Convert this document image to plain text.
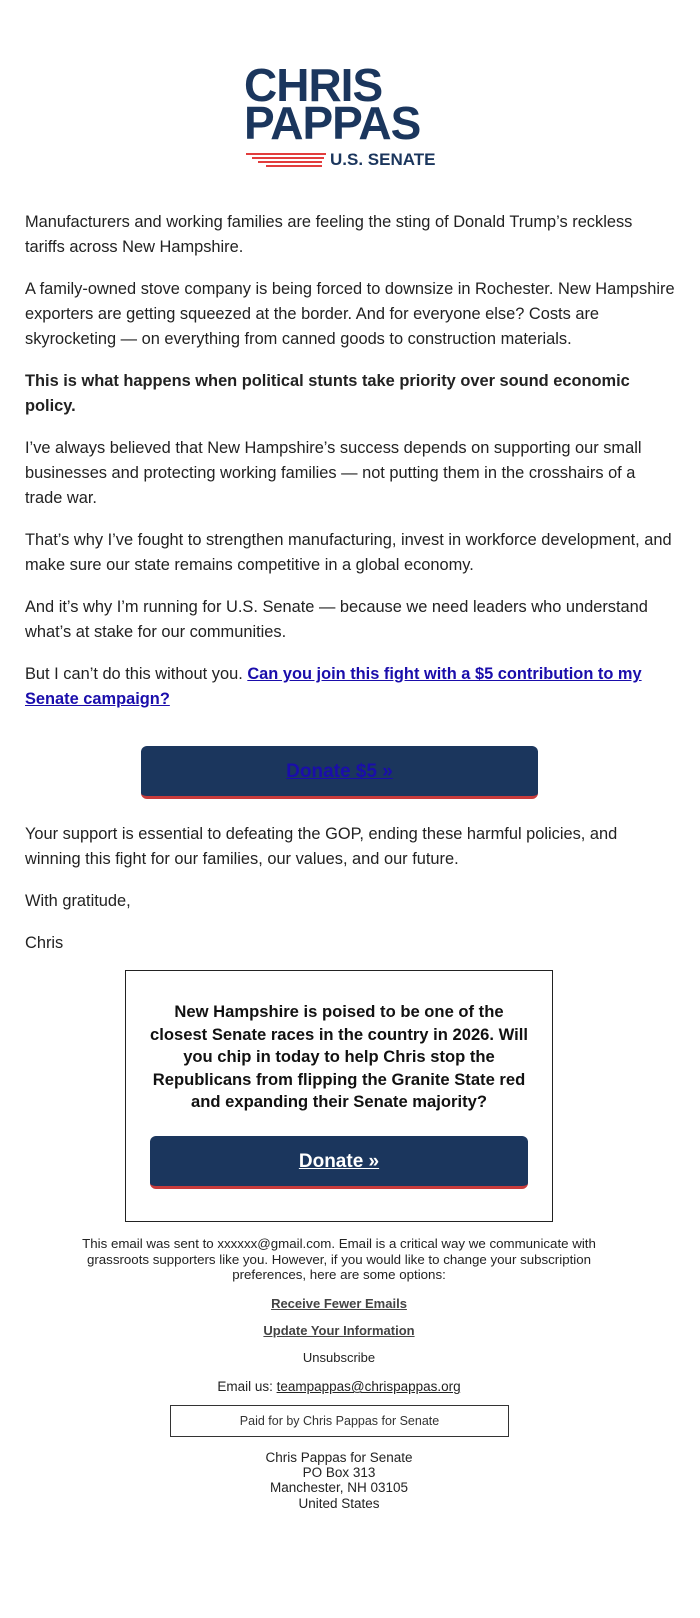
CHRIS
PAPPAS
U.S. SENATE

Manufacturers and working families are feeling the sting of Donald Trump’s reckless tariffs across New Hampshire.

A family-owned stove company is being forced to downsize in Rochester. New Hampshire exporters are getting squeezed at the border. And for everyone else? Costs are skyrocketing — on everything from canned goods to construction materials.

This is what happens when political stunts take priority over sound economic policy.

I’ve always believed that New Hampshire’s success depends on supporting our small businesses and protecting working families — not putting them in the crosshairs of a trade war.

That’s why I’ve fought to strengthen manufacturing, invest in workforce development, and make sure our state remains competitive in a global economy.

And it’s why I’m running for U.S. Senate — because we need leaders who understand what’s at stake for our communities.

But I can’t do this without you. Can you join this fight with a $5 contribution to my Senate campaign?

Donate $5 »

Your support is essential to defeating the GOP, ending these harmful policies, and winning this fight for our families, our values, and our future.

With gratitude,

Chris

New Hampshire is poised to be one of the closest Senate races in the country in 2026. Will you chip in today to help Chris stop the Republicans from flipping the Granite State red and expanding their Senate majority?
Donate »

This email was sent to xxxxxx@gmail.com. Email is a critical way we communicate with grassroots supporters like you. However, if you would like to change your subscription preferences, here are some options:

Receive Fewer Emails
Update Your Information
Unsubscribe
Email us: teampappas@chrispappas.org
Paid for by Chris Pappas for Senate
Chris Pappas for Senate
PO Box 313
Manchester, NH 03105
United States
